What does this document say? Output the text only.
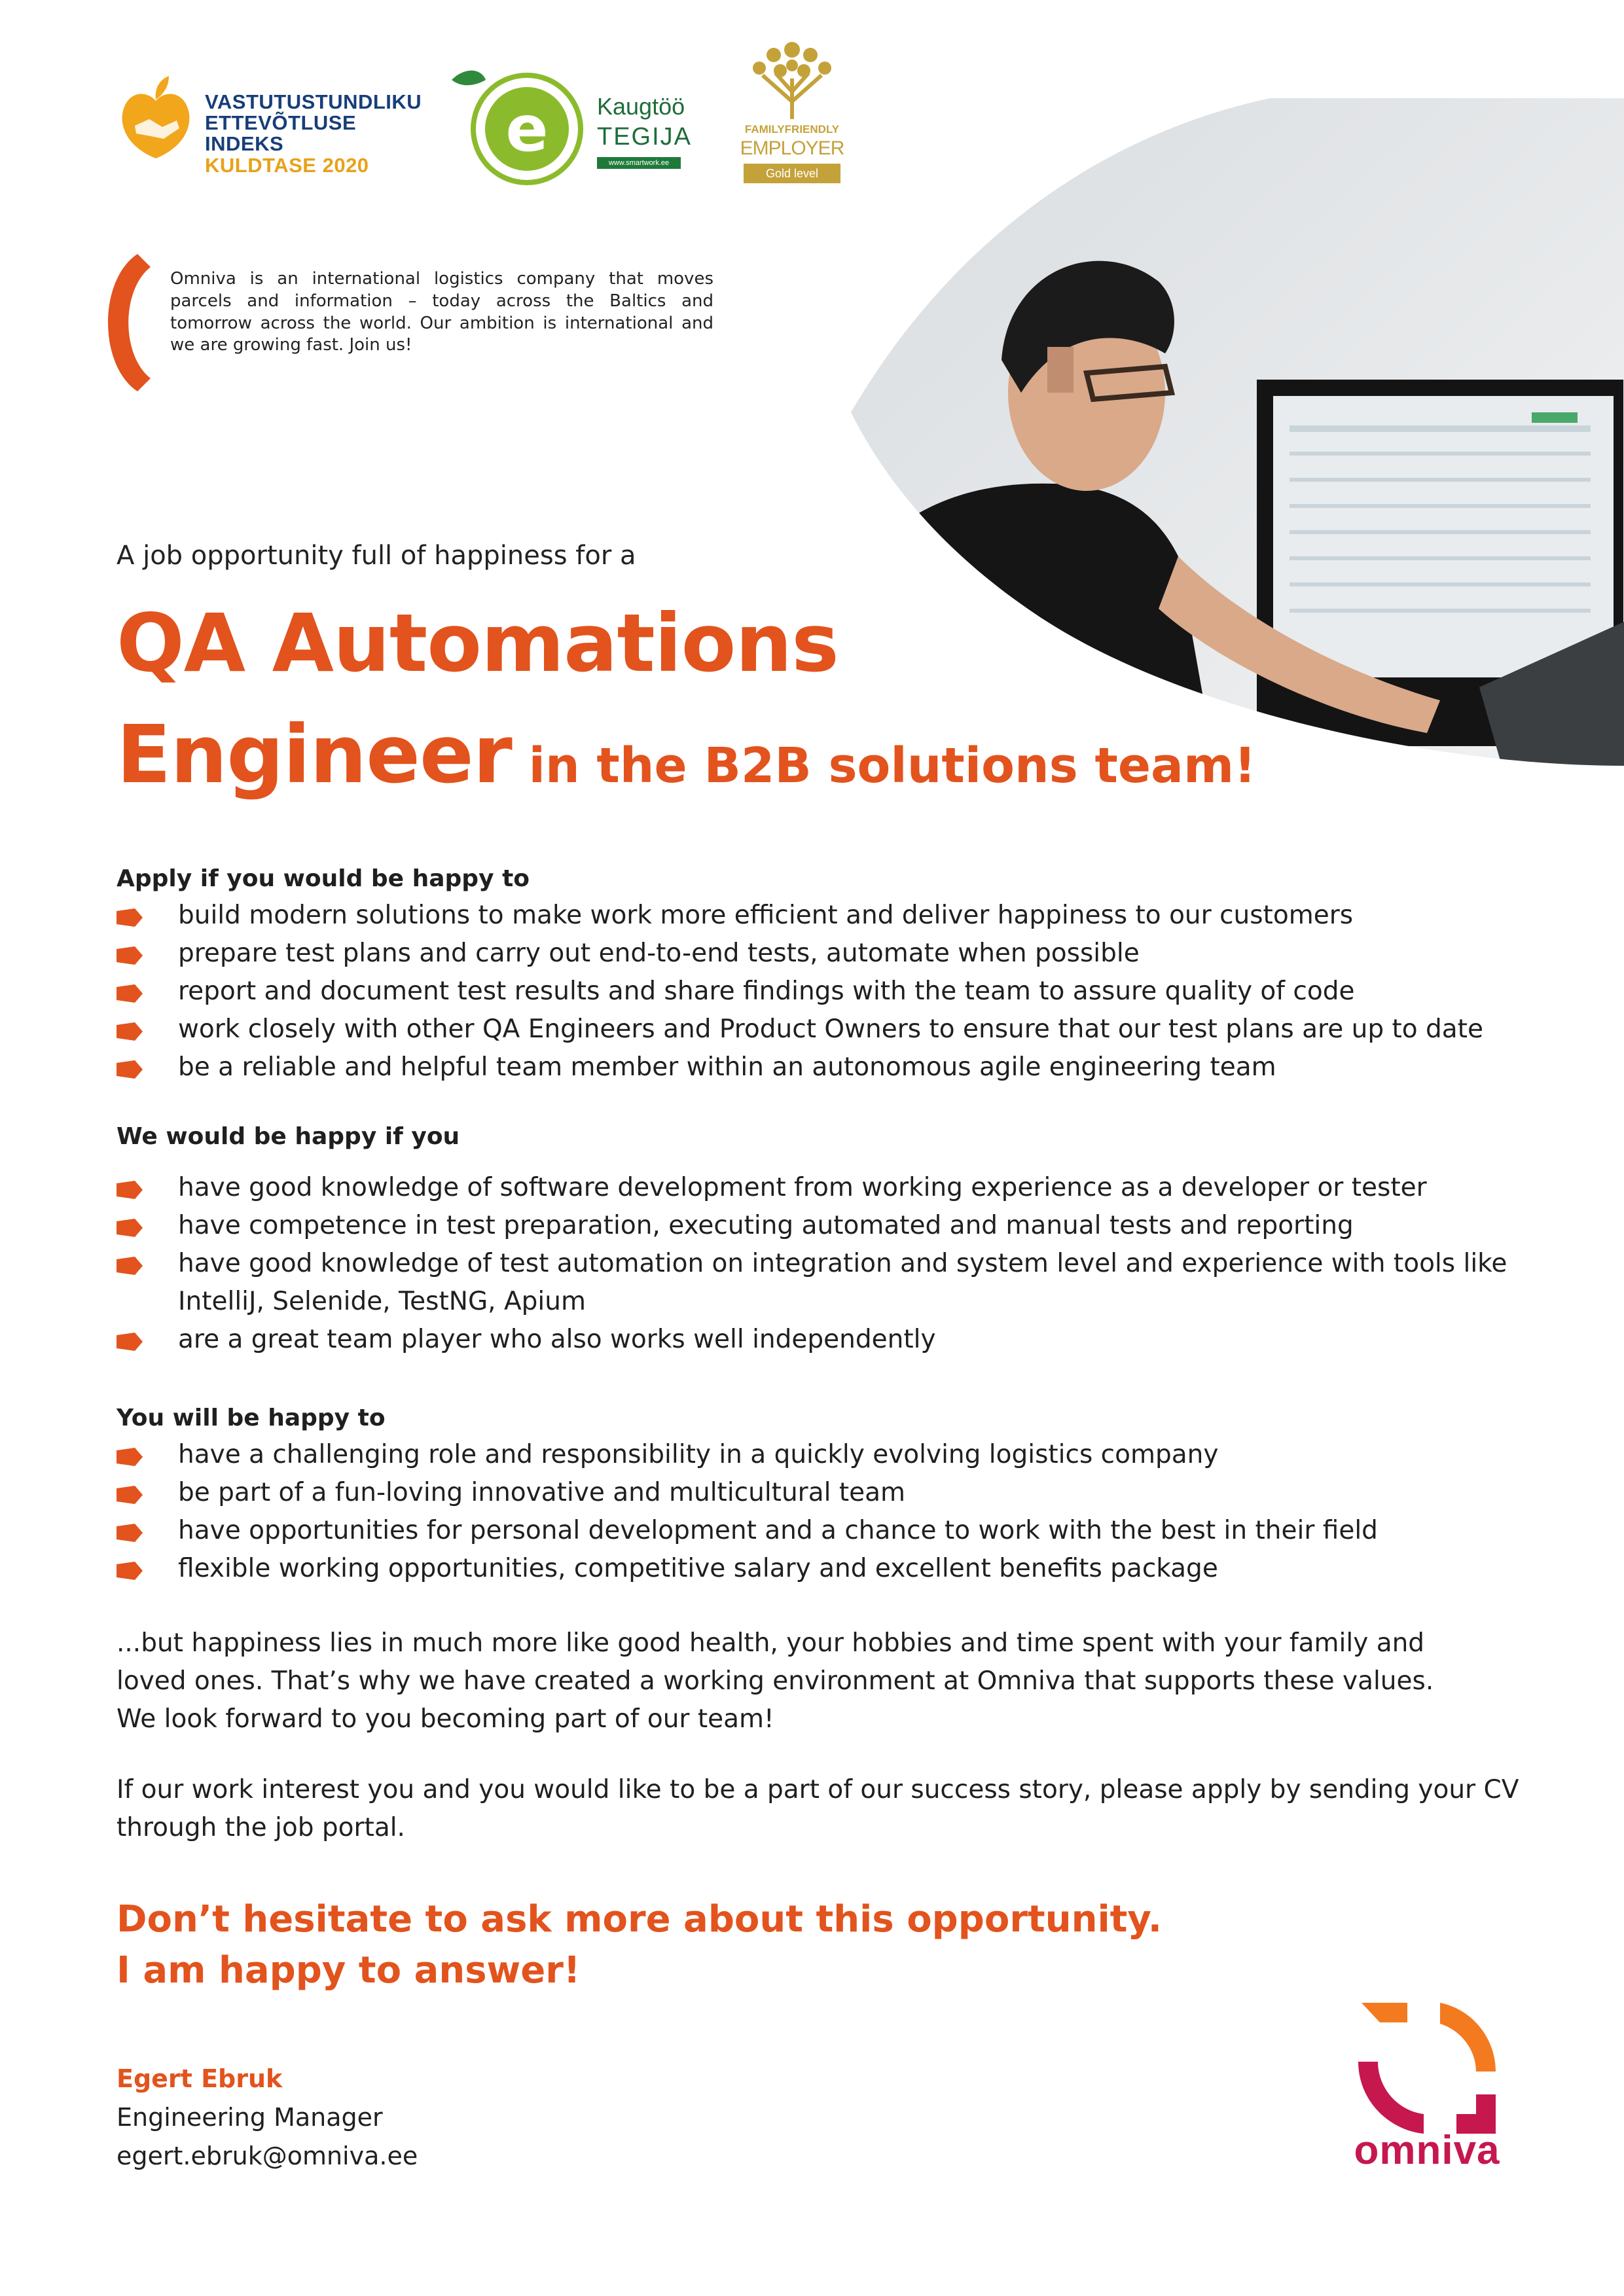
VASTUTUSTUNDLIKU
ETTEVÕTLUSE INDEKS
KULDTASE 2020	e Kaugtöö
TEGIJA
www.smartwork.ee
FAMILYFRIENDLY
EMPLOYER
Gold level
Omniva is an international logistics company that moves parcels and information – today across the Baltics and tomorrow across the world. Our ambition is international and we are growing fast. Join us!
A job opportunity full of happiness for a
QA Automations
Engineer in the B2B solutions team!
Apply if you would be happy to
build modern solutions to make work more efficient and deliver happiness to our customers
prepare test plans and carry out end-to-end tests, automate when possible
report and document test results and share findings with the team to assure quality of code
work closely with other QA Engineers and Product Owners to ensure that our test plans are up to date
be a reliable and helpful team member within an autonomous agile engineering team
We would be happy if you
have good knowledge of software development from working experience as a developer or tester
have competence in test preparation, executing automated and manual tests and reporting
have good knowledge of test automation on integration and system level and experience with tools like IntelliJ, Selenide, TestNG, Apium
are a great team player who also works well independently
You will be happy to
have a challenging role and responsibility in a quickly evolving logistics company
be part of a fun-loving innovative and multicultural team
have opportunities for personal development and a chance to work with the best in their field
flexible working opportunities, competitive salary and excellent benefits package
...but happiness lies in much more like good health, your hobbies and time spent with your family and loved ones. That’s why we have created a working environment at Omniva that supports these values. We look forward to you becoming part of our team!
If our work interest you and you would like to be a part of our success story, please apply by sending your CV through the job portal.
Don’t hesitate to ask more about this opportunity.
I am happy to answer!
Egert Ebruk
Engineering Manager
egert.ebruk@omniva.ee	omniva
